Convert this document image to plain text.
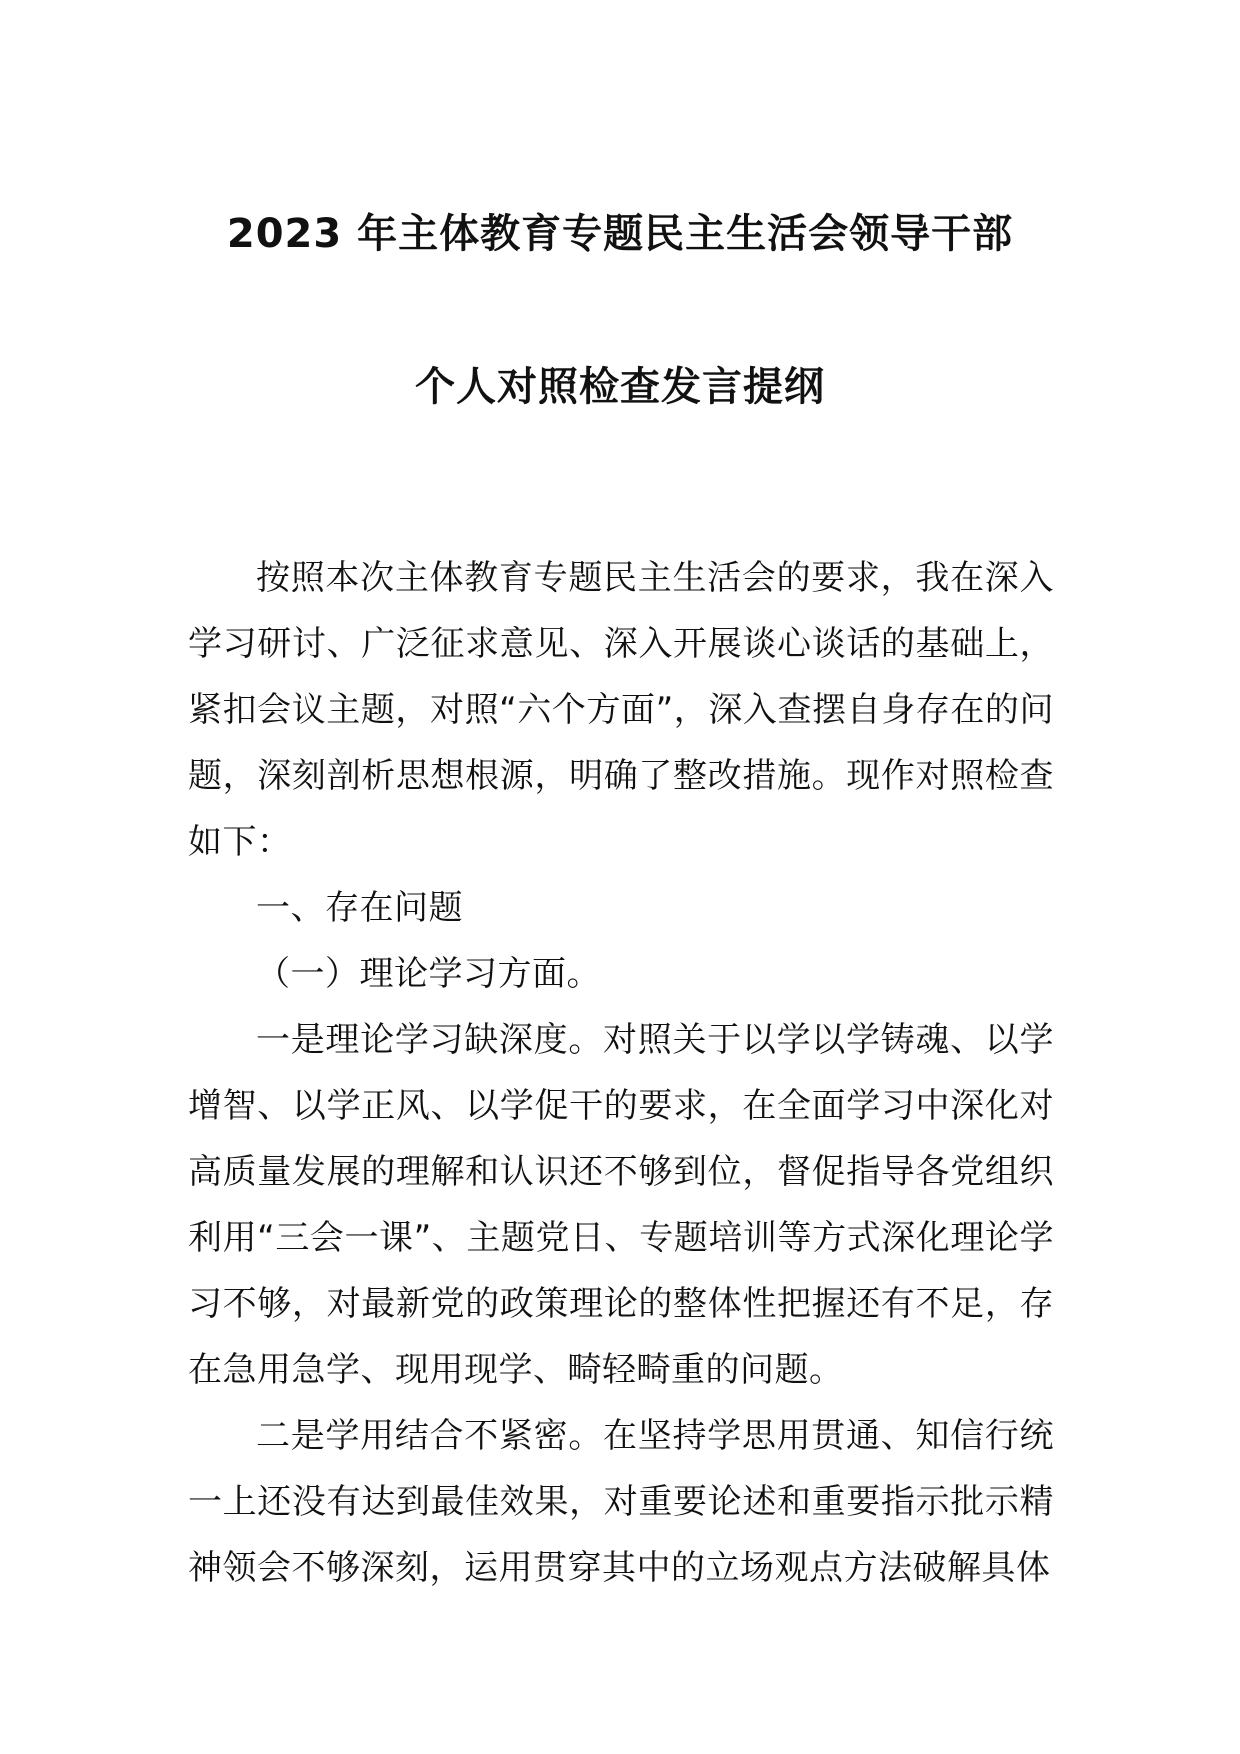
2023 年主体教育专题民主生活会领导干部
个人对照检查发言提纲

按照本次主体教育专题民主生活会的要求，我在深入学习研讨、广泛征求意见、深入开展谈心谈话的基础上，紧扣会议主题，对照“六个方面”，深入查摆自身存在的问题，深刻剖析思想根源，明确了整改措施。现作对照检查如下：

一、存在问题

（一）理论学习方面。

一是理论学习缺深度。对照关于以学以学铸魂、以学增智、以学正风、以学促干的要求，在全面学习中深化对高质量发展的理解和认识还不够到位，督促指导各党组织利用“三会一课”、主题党日、专题培训等方式深化理论学习不够，对最新党的政策理论的整体性把握还有不足，存在急用急学、现用现学、畸轻畸重的问题。

二是学用结合不紧密。在坚持学思用贯通、知信行统一上还没有达到最佳效果，对重要论述和重要指示批示精神领会不够深刻，运用贯穿其中的立场观点方法破解具体
